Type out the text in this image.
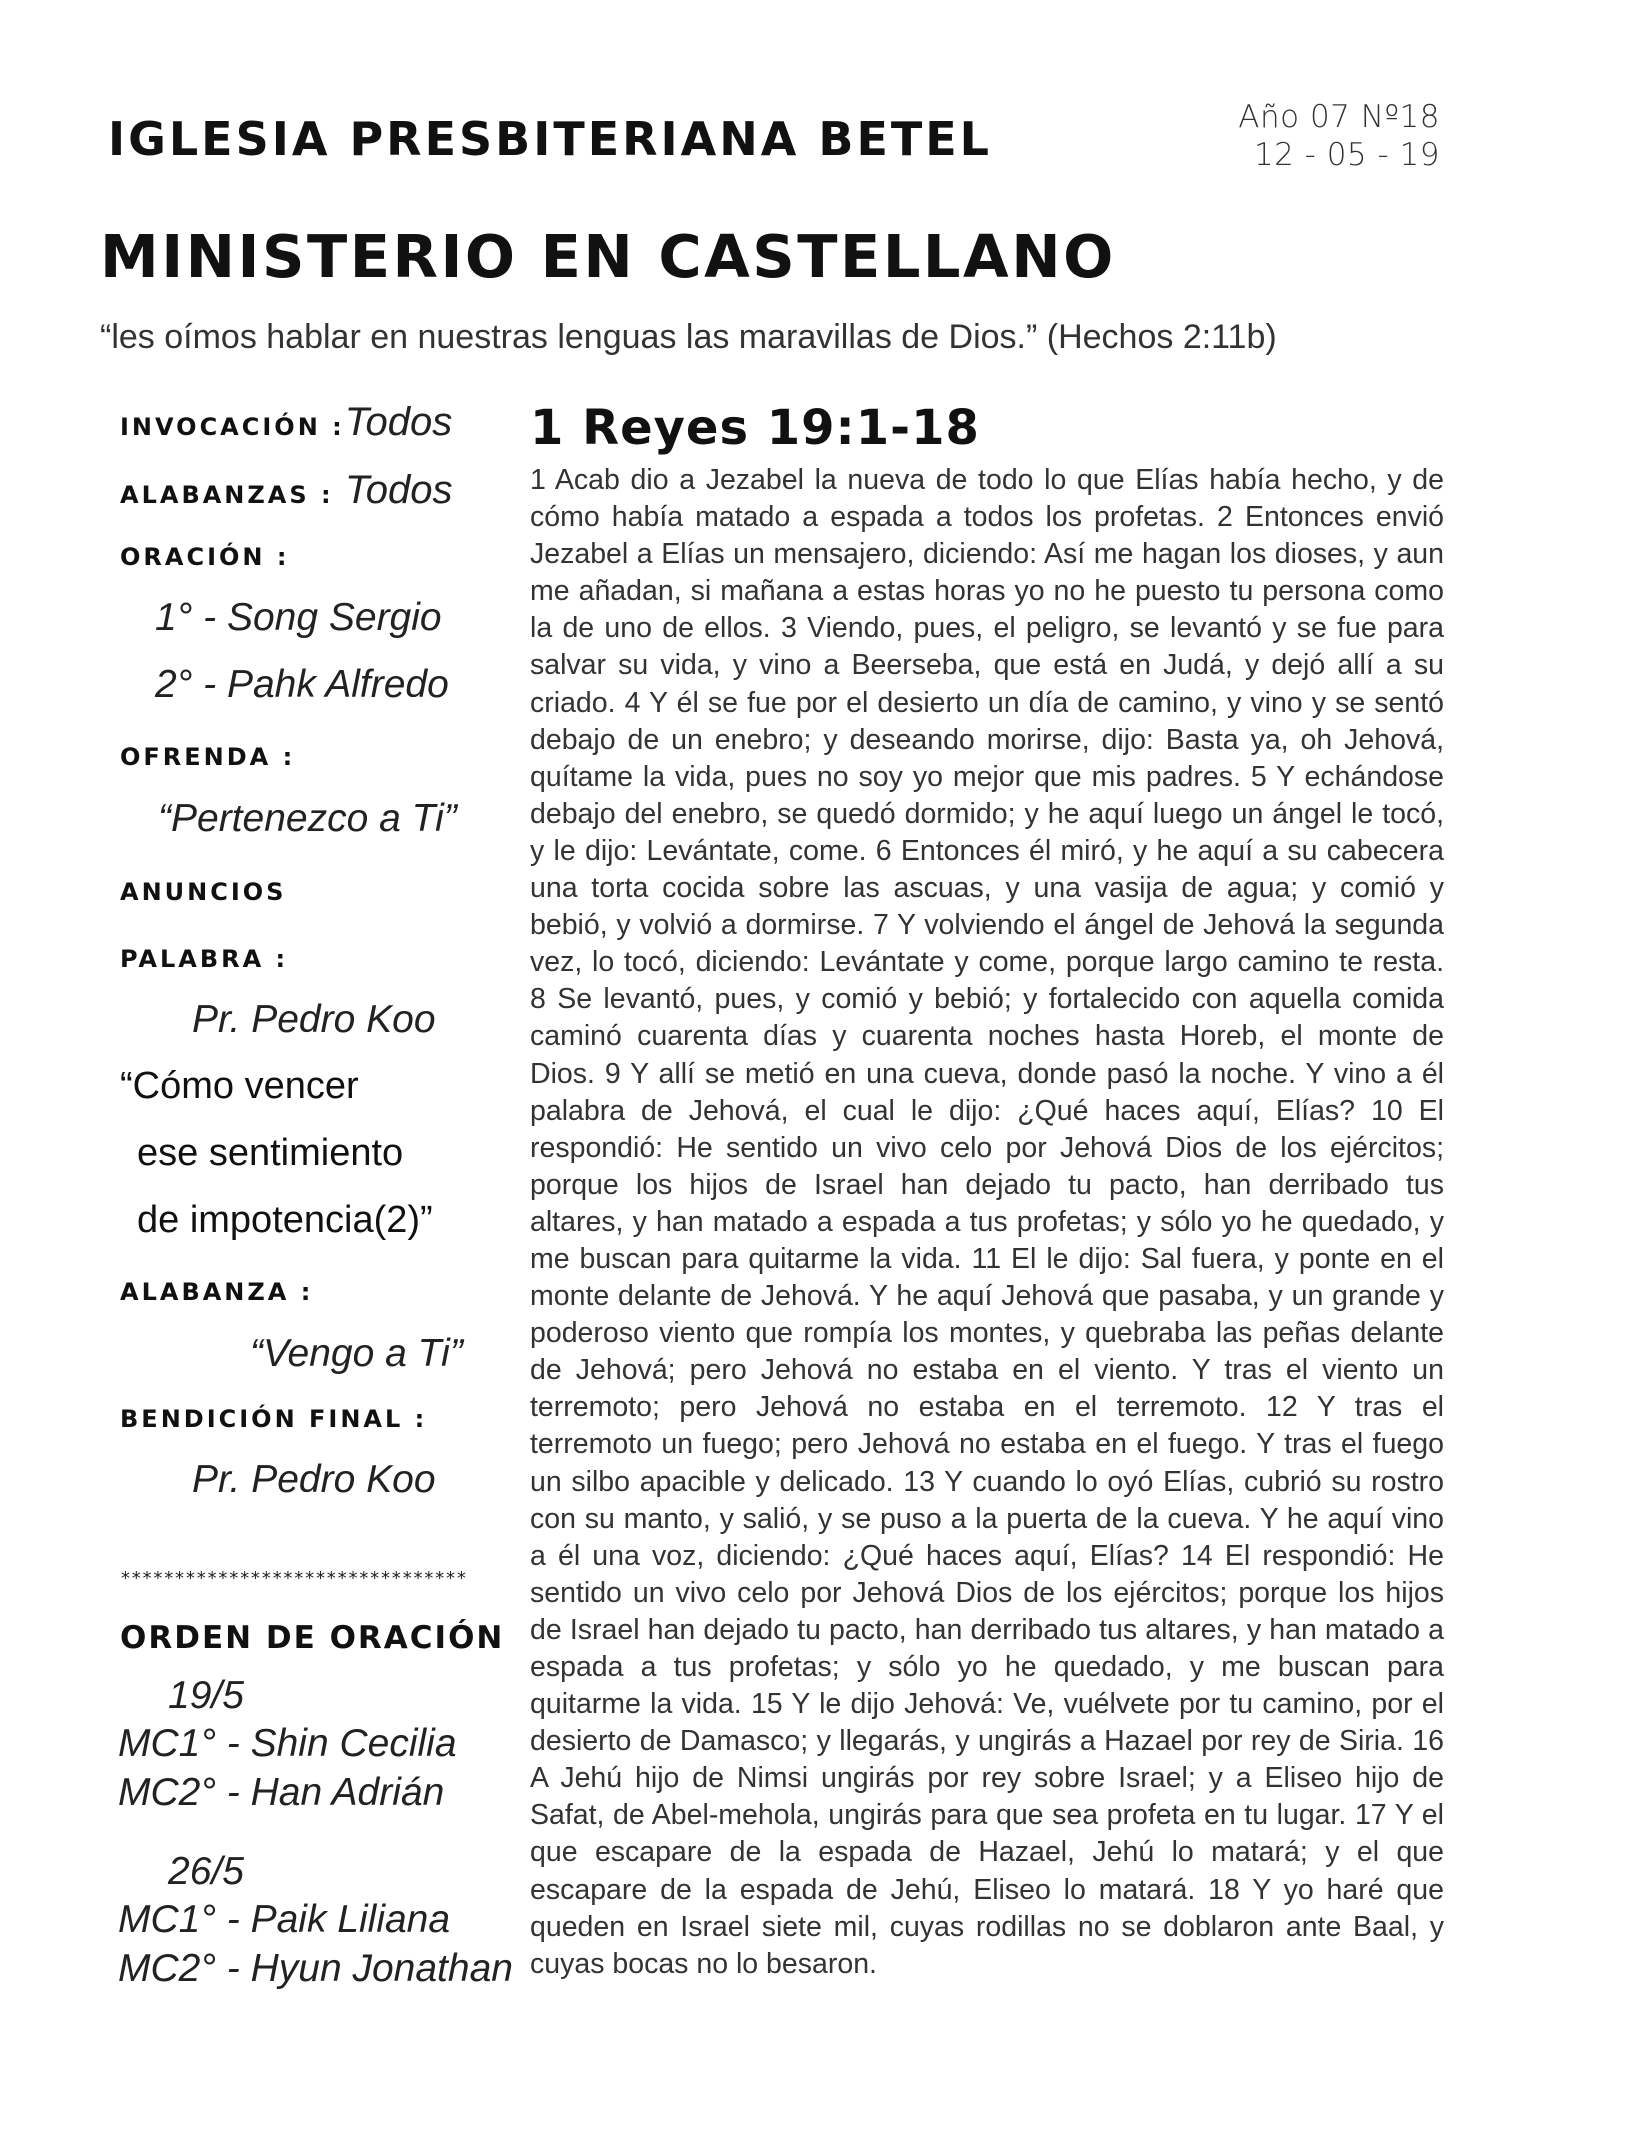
IGLESIA PRESBITERIANA BETEL	Año 07 Nº18
12 - 05 - 19
MINISTERIO EN CASTELLANO
“les oímos hablar en nuestras lenguas las maravillas de Dios.” (Hechos 2:11b)
INVOCACIÓN :Todos
ALABANZAS : Todos
ORACIÓN :
1° - Song Sergio
2° - Pahk Alfredo
OFRENDA :
“Pertenezco a Ti”
ANUNCIOS
PALABRA :
Pr. Pedro Koo
“Cómo vencer
ese sentimiento
de impotencia(2)”
ALABANZA :
“Vengo a Ti”
BENDICIÓN FINAL :
Pr. Pedro Koo
********************************
ORDEN DE ORACIÓN
19/5
MC1° - Shin Cecilia
MC2° - Han Adrián
26/5
MC1° - Paik Liliana
MC2° - Hyun Jonathan
1 Reyes 19:1-18
1 Acab dio a Jezabel la nueva de todo lo que Elías había hecho, y de cómo había matado a espada a todos los profetas. 2 Entonces envió Jezabel a Elías un mensajero, diciendo: Así me hagan los dioses, y aun me añadan, si mañana a estas horas yo no he puesto tu persona como la de uno de ellos. 3 Viendo, pues, el peligro, se levantó y se fue para salvar su vida, y vino a Beerseba, que está en Judá, y dejó allí a su criado. 4 Y él se fue por el desierto un día de camino, y vino y se sentó debajo de un enebro; y deseando morirse, dijo: Basta ya, oh Jehová, quítame la vida, pues no soy yo mejor que mis padres. 5 Y echándose debajo del enebro, se quedó dormido; y he aquí luego un ángel le tocó, y le dijo: Levántate, come. 6 Entonces él miró, y he aquí a su cabecera una torta cocida sobre las ascuas, y una vasija de agua; y comió y bebió, y volvió a dormirse. 7 Y volviendo el ángel de Jehová la segunda vez, lo tocó, diciendo: Levántate y come, porque largo camino te resta. 8 Se levantó, pues, y comió y bebió; y fortalecido con aquella comida caminó cuarenta días y cuarenta noches hasta Horeb, el monte de Dios. 9 Y allí se metió en una cueva, donde pasó la noche. Y vino a él palabra de Jehová, el cual le dijo: ¿Qué haces aquí, Elías? 10 El respondió: He sentido un vivo celo por Jehová Dios de los ejércitos; porque los hijos de Israel han dejado tu pacto, han derribado tus altares, y han matado a espada a tus profetas; y sólo yo he quedado, y me buscan para quitarme la vida. 11 El le dijo: Sal fuera, y ponte en el monte delante de Jehová. Y he aquí Jehová que pasaba, y un grande y poderoso viento que rompía los montes, y quebraba las peñas delante de Jehová; pero Jehová no estaba en el viento. Y tras el viento un terremoto; pero Jehová no estaba en el terremoto. 12 Y tras el terremoto un fuego; pero Jehová no estaba en el fuego. Y tras el fuego un silbo apacible y delicado. 13 Y cuando lo oyó Elías, cubrió su rostro con su manto, y salió, y se puso a la puerta de la cueva. Y he aquí vino a él una voz, diciendo: ¿Qué haces aquí, Elías? 14 El respondió: He sentido un vivo celo por Jehová Dios de los ejércitos; porque los hijos de Israel han dejado tu pacto, han derribado tus altares, y han matado a espada a tus profetas; y sólo yo he quedado, y me buscan para quitarme la vida. 15 Y le dijo Jehová: Ve, vuélvete por tu camino, por el desierto de Damasco; y llegarás, y ungirás a Hazael por rey de Siria. 16 A Jehú hijo de Nimsi ungirás por rey sobre Israel; y a Eliseo hijo de Safat, de Abel-mehola, ungirás para que sea profeta en tu lugar. 17 Y el que escapare de la espada de Hazael, Jehú lo matará; y el que escapare de la espada de Jehú, Eliseo lo matará. 18 Y yo haré que queden en Israel siete mil, cuyas rodillas no se doblaron ante Baal, y cuyas bocas no lo besaron.
